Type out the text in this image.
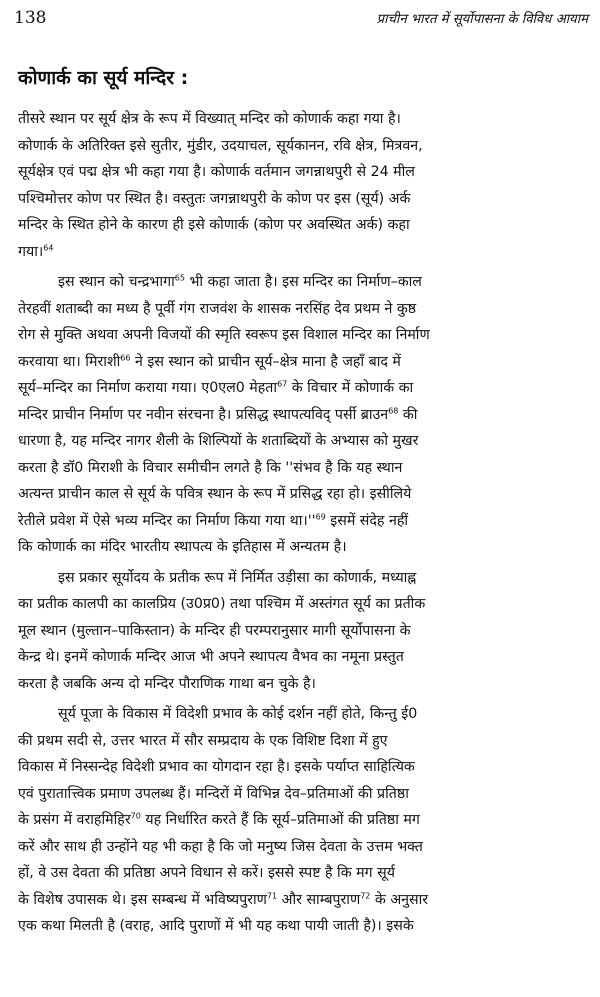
138	प्राचीन भारत में सूर्योपासना के विविध आयाम
कोणार्क का सूर्य मन्दिर :
तीसरे स्थान पर सूर्य क्षेत्र के रूप में विख्यात् मन्दिर को कोणार्क कहा गया है।
कोणार्क के अतिरिक्त इसे सुतीर, मुंडीर, उदयाचल, सूर्यकानन, रवि क्षेत्र, मित्रवन,
सूर्यक्षेत्र एवं पद्म क्षेत्र भी कहा गया है। कोणार्क वर्तमान जगन्नाथपुरी से 24 मील
पश्चिमोत्तर कोण पर स्थित है। वस्तुतः जगन्नाथपुरी के कोण पर इस (सूर्य) अर्क
मन्दिर के स्थित होने के कारण ही इसे कोणार्क (कोण पर अवस्थित अर्क) कहा
गया।$^{64}$
इस स्थान को चन्द्रभागा$^{65}$ भी कहा जाता है। इस मन्दिर का निर्माण–काल
तेरहवीं शताब्दी का मध्य है पूर्वी गंग राजवंश के शासक नरसिंह देव प्रथम ने कुष्ठ
रोग से मुक्ति अथवा अपनी विजयों की स्मृति स्वरूप इस विशाल मन्दिर का निर्माण
करवाया था। मिराशी$^{66}$ ने इस स्थान को प्राचीन सूर्य–क्षेत्र माना है जहाँ बाद में
सूर्य–मन्दिर का निर्माण कराया गया। ए0एल0 मेहता$^{67}$ के विचार में कोणार्क का
मन्दिर प्राचीन निर्माण पर नवीन संरचना है। प्रसिद्ध स्थापत्यविद् पर्सी ब्राउन$^{68}$ की
धारणा है, यह मन्दिर नागर शैली के शिल्पियों के शताब्दियों के अभ्यास को मुखर
करता है डॉ0 मिराशी के विचार समीचीन लगते है कि ''संभव है कि यह स्थान
अत्यन्त प्राचीन काल से सूर्य के पवित्र स्थान के रूप में प्रसिद्ध रहा हो। इसीलिये
रेतीले प्रवेश में ऐसे भव्य मन्दिर का निर्माण किया गया था।''$^{69}$ इसमें संदेह नहीं
कि कोणार्क का मंदिर भारतीय स्थापत्य के इतिहास में अन्यतम है।
इस प्रकार सूर्योदय के प्रतीक रूप में निर्मित उड़ीसा का कोणार्क, मध्याह्न
का प्रतीक कालपी का कालप्रिय (उ0प्र0) तथा पश्चिम में अस्तंगत सूर्य का प्रतीक
मूल स्थान (मुल्तान–पाकिस्तान) के मन्दिर ही परम्परानुसार मागी सूर्योपासना के
केन्द्र थे। इनमें कोणार्क मन्दिर आज भी अपने स्थापत्य वैभव का नमूना प्रस्तुत
करता है जबकि अन्य दो मन्दिर पौराणिक गाथा बन चुके है।
सूर्य पूजा के विकास में विदेशी प्रभाव के कोई दर्शन नहीं होते, किन्तु ई0
की प्रथम सदी से, उत्तर भारत में सौर सम्प्रदाय के एक विशिष्ट दिशा में हुए
विकास में निस्सन्देह विदेशी प्रभाव का योगदान रहा है। इसके पर्याप्त साहित्यिक
एवं पुरातात्त्विक प्रमाण उपलब्ध हैं। मन्दिरों में विभिन्न देव–प्रतिमाओं की प्रतिष्ठा
के प्रसंग में वराहमिहिर$^{70}$ यह निर्धारित करते हैं कि सूर्य–प्रतिमाओं की प्रतिष्ठा मग
करें और साथ ही उन्होंने यह भी कहा है कि जो मनुष्य जिस देवता के उत्तम भक्त
हों, वे उस देवता की प्रतिष्ठा अपने विधान से करें। इससे स्पष्ट है कि मग सूर्य
के विशेष उपासक थे। इस सम्बन्ध में भविष्यपुराण$^{71}$ और साम्बपुराण$^{72}$ के अनुसार
एक कथा मिलती है (वराह, आदि पुराणों में भी यह कथा पायी जाती है)। इसके
